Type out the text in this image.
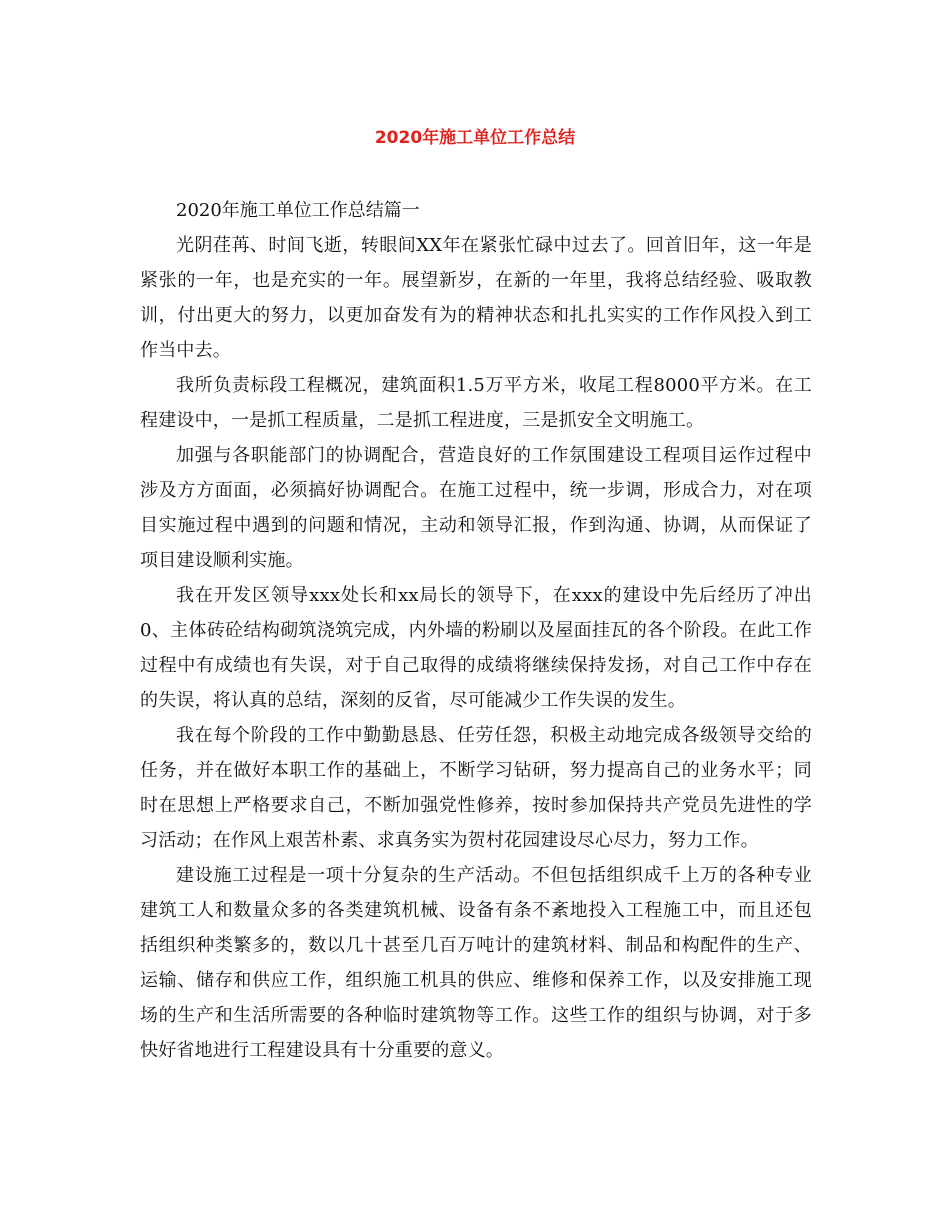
2020年施工单位工作总结

2020年施工单位工作总结篇一

光阴荏苒、时间飞逝，转眼间XX年在紧张忙碌中过去了。回首旧年，这一年是紧张的一年，也是充实的一年。展望新岁，在新的一年里，我将总结经验、吸取教训，付出更大的努力，以更加奋发有为的精神状态和扎扎实实的工作作风投入到工作当中去。

我所负责标段工程概况，建筑面积1.5万平方米，收尾工程8000平方米。在工程建设中，一是抓工程质量，二是抓工程进度，三是抓安全文明施工。

加强与各职能部门的协调配合，营造良好的工作氛围建设工程项目运作过程中涉及方方面面，必须搞好协调配合。在施工过程中，统一步调，形成合力，对在项目实施过程中遇到的问题和情况，主动和领导汇报，作到沟通、协调，从而保证了项目建设顺利实施。

我在开发区领导xxx处长和xx局长的领导下，在xxx的建设中先后经历了冲出0、主体砖砼结构砌筑浇筑完成，内外墙的粉刷以及屋面挂瓦的各个阶段。在此工作过程中有成绩也有失误，对于自己取得的成绩将继续保持发扬，对自己工作中存在的失误，将认真的总结，深刻的反省，尽可能减少工作失误的发生。

我在每个阶段的工作中勤勤恳恳、任劳任怨，积极主动地完成各级领导交给的任务，并在做好本职工作的基础上，不断学习钻研，努力提高自己的业务水平；同时在思想上严格要求自己，不断加强党性修养，按时参加保持共产党员先进性的学习活动；在作风上艰苦朴素、求真务实为贺村花园建设尽心尽力，努力工作。

建设施工过程是一项十分复杂的生产活动。不但包括组织成千上万的各种专业建筑工人和数量众多的各类建筑机械、设备有条不紊地投入工程施工中，而且还包括组织种类繁多的，数以几十甚至几百万吨计的建筑材料、制品和构配件的生产、运输、储存和供应工作，组织施工机具的供应、维修和保养工作，以及安排施工现场的生产和生活所需要的各种临时建筑物等工作。这些工作的组织与协调，对于多快好省地进行工程建设具有十分重要的意义。
